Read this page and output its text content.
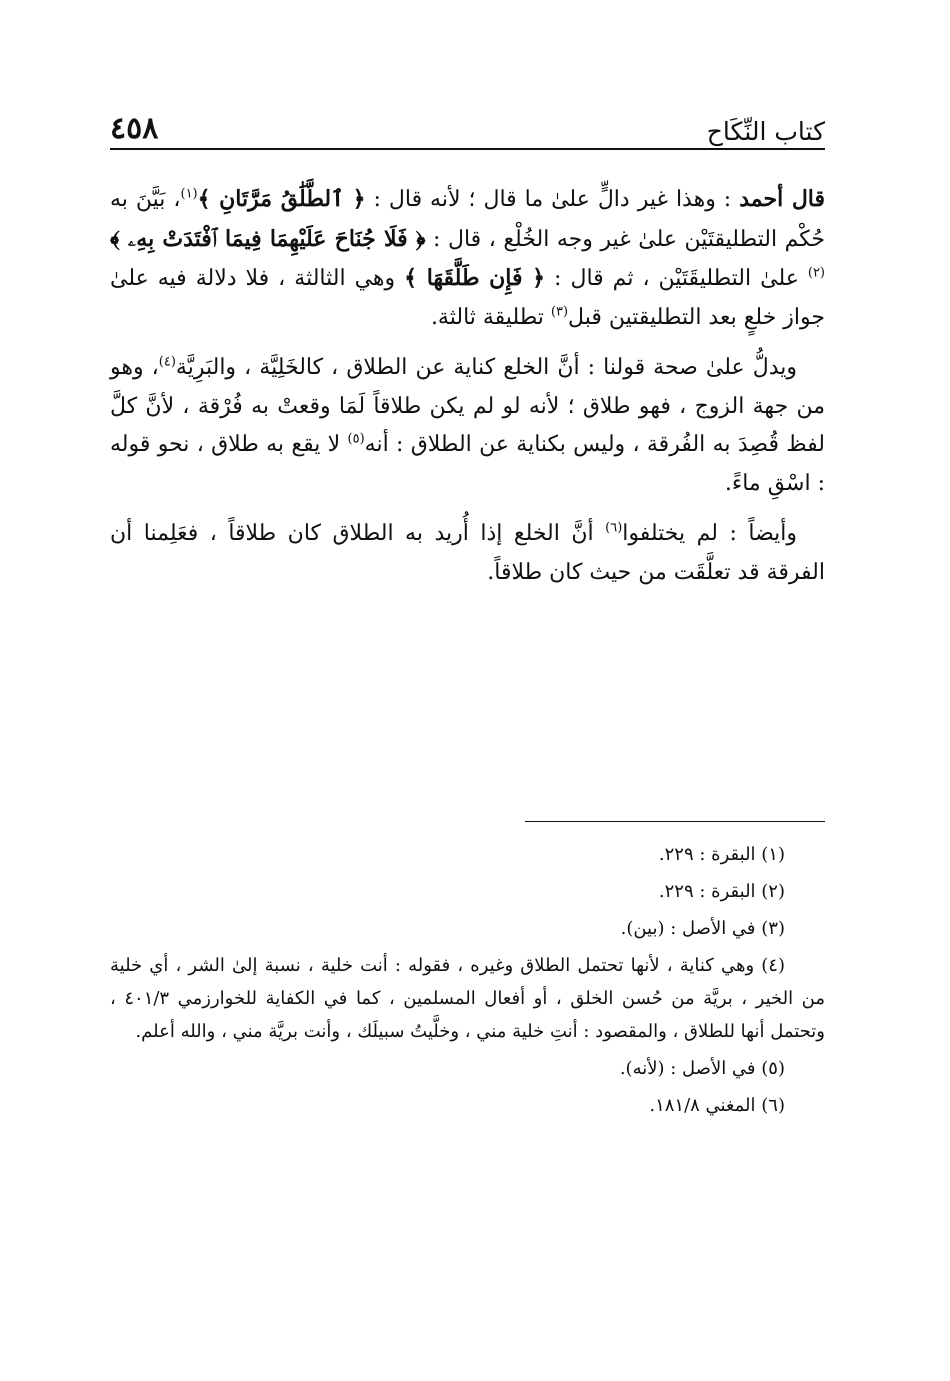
كتاب النِّكَاح
٤٥٨

قال أحمد : وهذا غير دالٍّ علىٰ ما قال ؛ لأنه قال : ﴿ ٱلطَّلَٰقُ مَرَّتَانِ ﴾$^{(١)}$، بَيَّنَ به حُكْم التطليقتَيْن علىٰ غير وجه الخُلْع ، قال : ﴿ فَلَا جُنَاحَ عَلَيْهِمَا فِيمَا ٱفْتَدَتْ بِهِۦ ﴾$^{(٢)}$ علىٰ التطليقَتَيْن ، ثم قال : ﴿ فَإِن طَلَّقَهَا ﴾ وهي الثالثة ، فلا دلالة فيه علىٰ جواز خلعٍ بعد التطليقتين قبل$^{(٣)}$ تطليقة ثالثة.

ويدلُّ علىٰ صحة قولنا : أنَّ الخلع كناية عن الطلاق ، كالخَلِيَّة ، والبَرِيَّة$^{(٤)}$، وهو من جهة الزوج ، فهو طلاق ؛ لأنه لو لم يكن طلاقاً لَمَا وقعتْ به فُرْقة ، لأنَّ كلَّ لفظ قُصِدَ به الفُرقة ، وليس بكناية عن الطلاق : أنه$^{(٥)}$ لا يقع به طلاق ، نحو قوله : اسْقِ ماءً.

وأيضاً : لم يختلفوا$^{(٦)}$ أنَّ الخلع إذا أُريد به الطلاق كان طلاقاً ، فعَلِمنا أن الفرقة قد تعلَّقَت من حيث كان طلاقاً.

(١) البقرة : ٢٢٩.
(٢) البقرة : ٢٢٩.
(٣) في الأصل : (بين).
(٤) وهي كناية ، لأنها تحتمل الطلاق وغيره ، فقوله : أنت خلية ، نسبة إلىٰ الشر ، أي خلية من الخير ، بريَّة من حُسن الخلق ، أو أفعال المسلمين ، كما في الكفاية للخوارزمي ٤٠١/٣ ، وتحتمل أنها للطلاق ، والمقصود : أنتِ خلية مني ، وخلَّيتُ سبيلَك ، وأنت بريَّة مني ، والله أعلم.
(٥) في الأصل : (لأنه).
(٦) المغني ١٨١/٨.
